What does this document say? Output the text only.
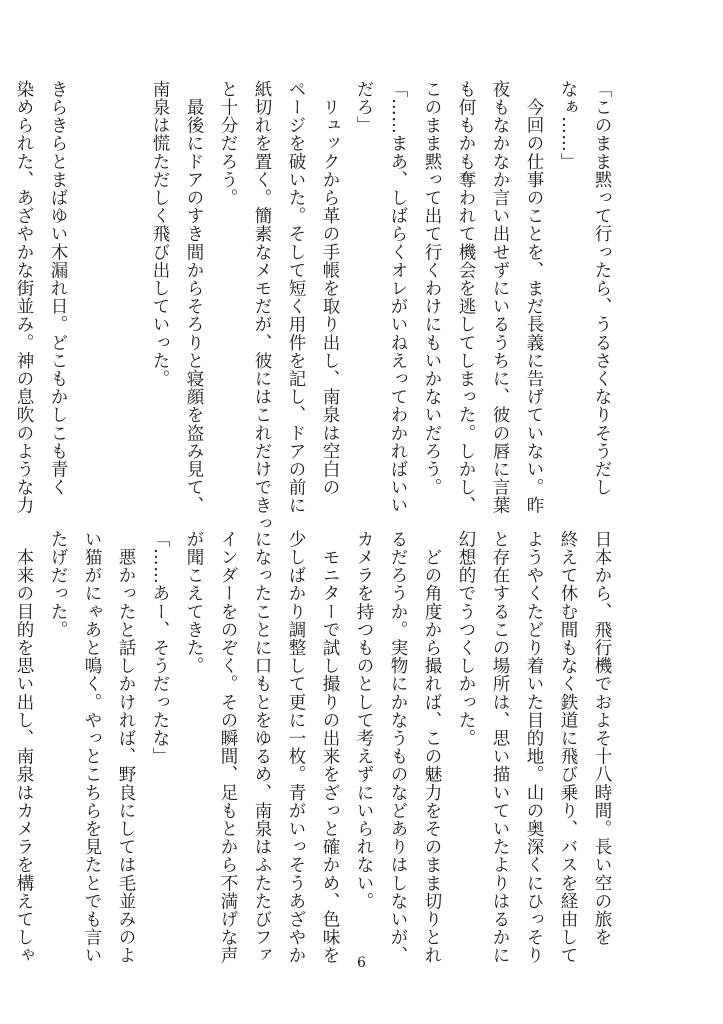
「このまま黙って行ったら、うるさくなりそうだし
なぁ……」
　今回の仕事のことを、まだ長義に告げていない。昨
夜もなかなか言い出せずにいるうちに、彼の唇に言葉
も何もかも奪われて機会を逃してしまった。しかし、
このまま黙って出て行くわけにもいかないだろう。
「……まあ、しばらくオレがいねえってわかればいい
だろ」
　リュックから革の手帳を取り出し、南泉は空白の
ページを破いた。そして短く用件を記し、ドアの前に
紙切れを置く。簡素なメモだが、彼にはこれだけできっ
と十分だろう。
　最後にドアのすき間からそろりと寝顔を盗み見て、
南泉は慌ただしく飛び出していった。
きらきらとまばゆい木漏れ日。どこもかしこも青く
染められた、あざやかな街並み。神の息吹のような力
日本から、飛行機でおよそ十八時間。長い空の旅を
終えて休む間もなく鉄道に飛び乗り、バスを経由して
ようやくたどり着いた目的地。山の奥深くにひっそり
と存在するこの場所は、思い描いていたよりはるかに
幻想的でうつくしかった。
　どの角度から撮れば、この魅力をそのまま切りとれ
るだろうか。実物にかなうものなどありはしないが、
カメラを持つものとして考えずにいられない。
　モニターで試し撮りの出来をざっと確かめ、色味を
少しばかり調整して更に一枚。青がいっそうあざやか
になったことに口もとをゆるめ、南泉はふたたびファ
インダーをのぞく。その瞬間、足もとから不満げな声
が聞こえてきた。
「……あー、そうだったな」
　悪かったと話しかければ、野良にしては毛並みのよ
い猫がにゃあと鳴く。やっとこちらを見たとでも言い
たげだった。
　本来の目的を思い出し、南泉はカメラを構えてしゃ	6
